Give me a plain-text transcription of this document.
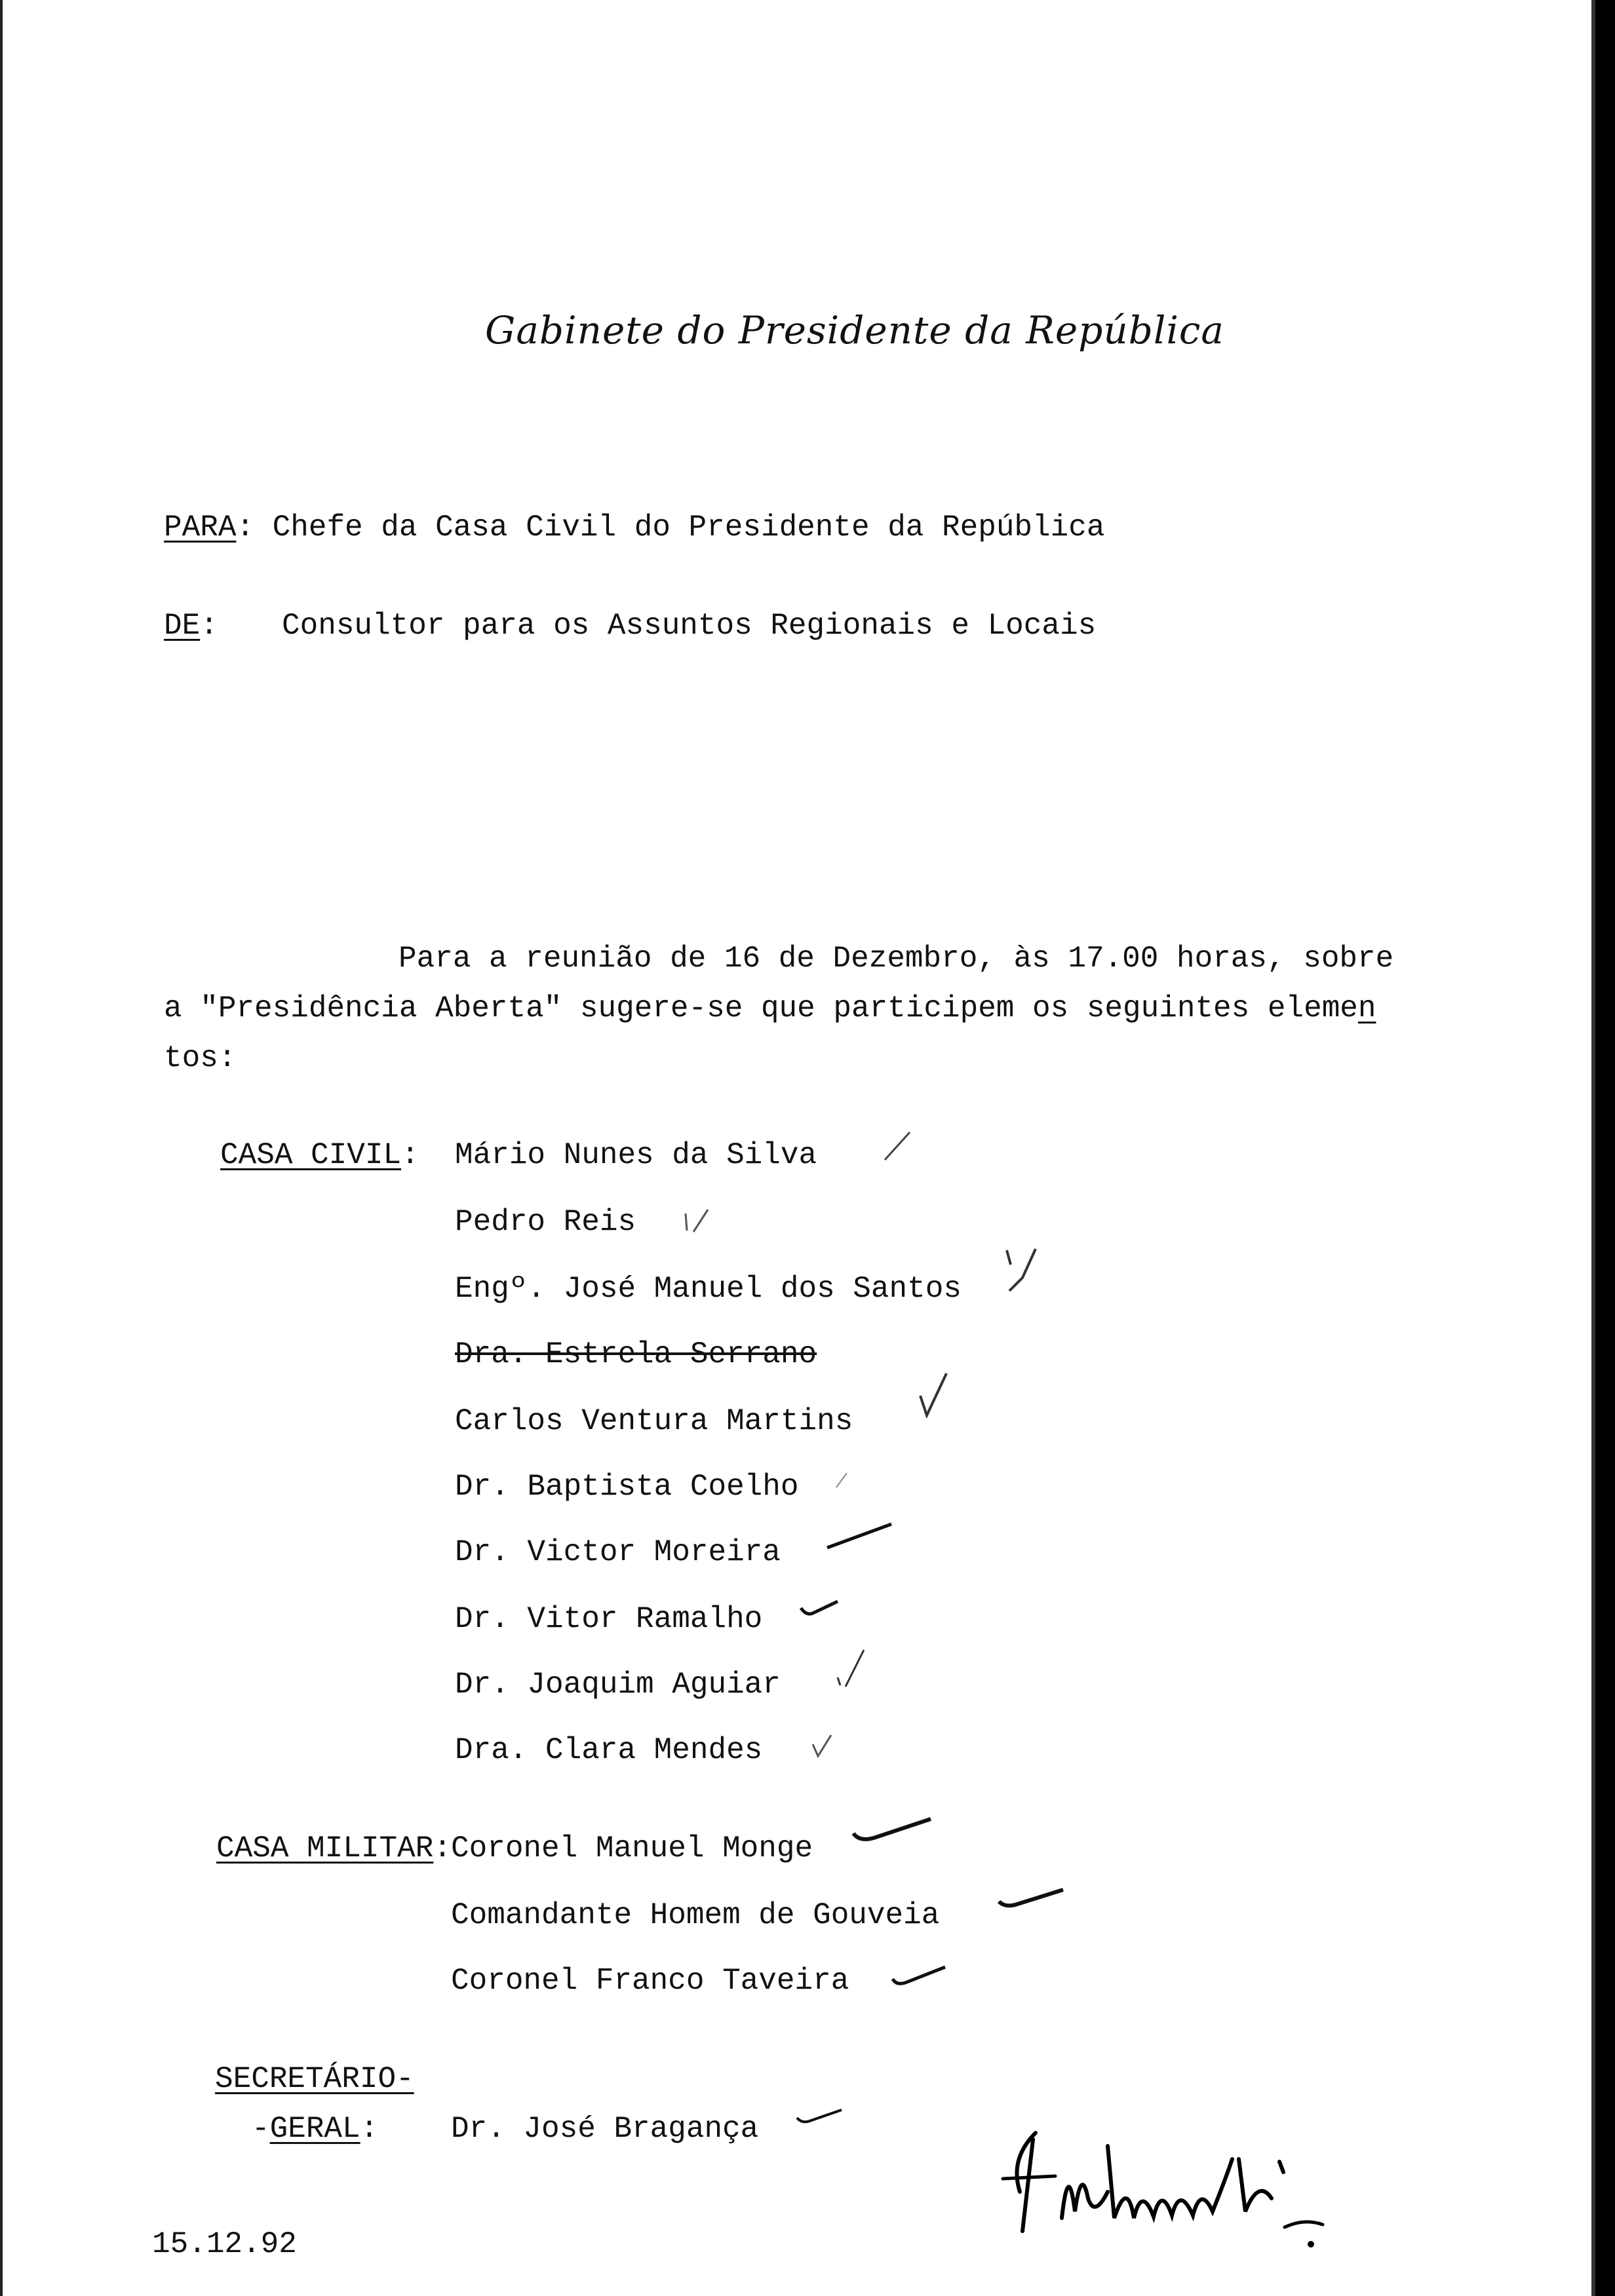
Gabinete do Presidente da República
PARA: Chefe da Casa Civil do Presidente da República
DE: Consultor para os Assuntos Regionais e Locais
Para a reunião de 16 de Dezembro, às 17.00 horas, sobre
a "Presidência Aberta" sugere-se que participem os seguintes elemen
tos:
CASA CIVIL: Mário Nunes da Silva
Pedro Reis
Engº. José Manuel dos Santos
Dra. Estrela Serrano
Carlos Ventura Martins
Dr. Baptista Coelho
Dr. Victor Moreira
Dr. Vitor Ramalho
Dr. Joaquim Aguiar
Dra. Clara Mendes
CASA MILITAR: Coronel Manuel Monge
Comandante Homem de Gouveia
Coronel Franco Taveira
SECRETÁRIO-
-GERAL: Dr. José Bragança
15.12.92
